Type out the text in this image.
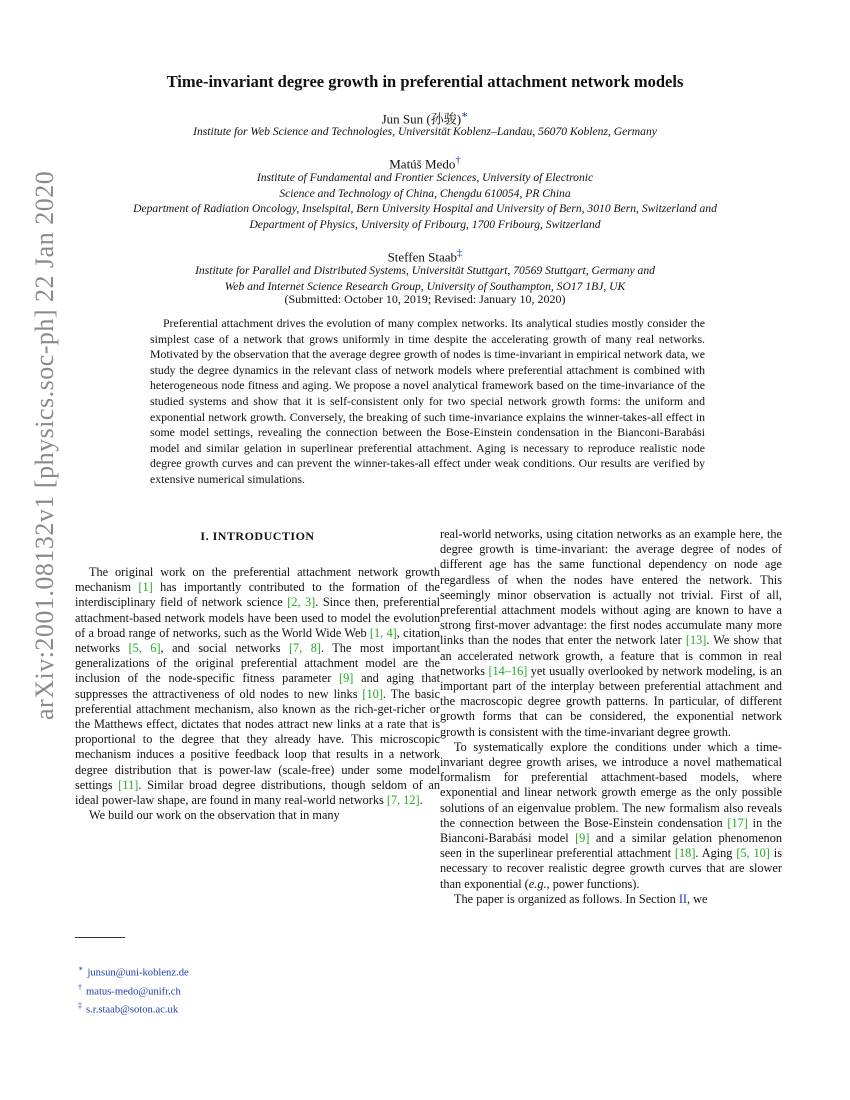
arXiv:2001.08132v1 [physics.soc-ph] 22 Jan 2020
Time-invariant degree growth in preferential attachment network models
Jun Sun (孙骏)∗
Institute for Web Science and Technologies, Universität Koblenz–Landau, 56070 Koblenz, Germany
Matúš Medo†
Institute of Fundamental and Frontier Sciences, University of Electronic
Science and Technology of China, Chengdu 610054, PR China
Department of Radiation Oncology, Inselspital, Bern University Hospital and University of Bern, 3010 Bern, Switzerland and
Department of Physics, University of Fribourg, 1700 Fribourg, Switzerland
Steffen Staab‡
Institute for Parallel and Distributed Systems, Universität Stuttgart, 70569 Stuttgart, Germany and
Web and Internet Science Research Group, University of Southampton, SO17 1BJ, UK
(Submitted: October 10, 2019; Revised: January 10, 2020)
Preferential attachment drives the evolution of many complex networks. Its analytical studies mostly consider the simplest case of a network that grows uniformly in time despite the accelerating growth of many real networks. Motivated by the observation that the average degree growth of nodes is time-invariant in empirical network data, we study the degree dynamics in the relevant class of network models where preferential attachment is combined with heterogeneous node fitness and aging. We propose a novel analytical framework based on the time-invariance of the studied systems and show that it is self-consistent only for two special network growth forms: the uniform and exponential network growth. Conversely, the breaking of such time-invariance explains the winner-takes-all effect in some model settings, revealing the connection between the Bose-Einstein condensation in the Bianconi-Barabási model and similar gelation in superlinear preferential attachment. Aging is necessary to reproduce realistic node degree growth curves and can prevent the winner-takes-all effect under weak conditions. Our results are verified by extensive numerical simulations.
I. INTRODUCTION

The original work on the preferential attachment network growth mechanism [1] has importantly contributed to the formation of the interdisciplinary field of network science [2, 3]. Since then, preferential attachment-based network models have been used to model the evolution of a broad range of networks, such as the World Wide Web [1, 4], citation networks [5, 6], and social networks [7, 8]. The most important generalizations of the original preferential attachment model are the inclusion of the node-specific fitness parameter [9] and aging that suppresses the attractiveness of old nodes to new links [10]. The basic preferential attachment mechanism, also known as the rich-get-richer or the Matthews effect, dictates that nodes attract new links at a rate that is proportional to the degree that they already have. This microscopic mechanism induces a positive feedback loop that results in a network degree distribution that is power-law (scale-free) under some model settings [11]. Similar broad degree distributions, though seldom of an ideal power-law shape, are found in many real-world networks [7, 12].

We build our work on the observation that in many

real-world networks, using citation networks as an example here, the degree growth is time-invariant: the average degree of nodes of different age has the same functional dependency on node age regardless of when the nodes have entered the network. This seemingly minor observation is actually not trivial. First of all, preferential attachment models without aging are known to have a strong first-mover advantage: the first nodes accumulate many more links than the nodes that enter the network later [13]. We show that an accelerated network growth, a feature that is common in real networks [14–16] yet usually overlooked by network modeling, is an important part of the interplay between preferential attachment and the macroscopic degree growth patterns. In particular, of different growth forms that can be considered, the exponential network growth is consistent with the time-invariant degree growth.

To systematically explore the conditions under which a time-invariant degree growth arises, we introduce a novel mathematical formalism for preferential attachment-based models, where exponential and linear network growth emerge as the only possible solutions of an eigenvalue problem. The new formalism also reveals the connection between the Bose-Einstein condensation [17] in the Bianconi-Barabási model [9] and a similar gelation phenomenon seen in the superlinear preferential attachment [18]. Aging [5, 10] is necessary to recover realistic degree growth curves that are slower than exponential (e.g., power functions).

The paper is organized as follows. In Section II, we

∗ junsun@uni-koblenz.de
† matus-medo@unifr.ch
‡ s.r.staab@soton.ac.uk
